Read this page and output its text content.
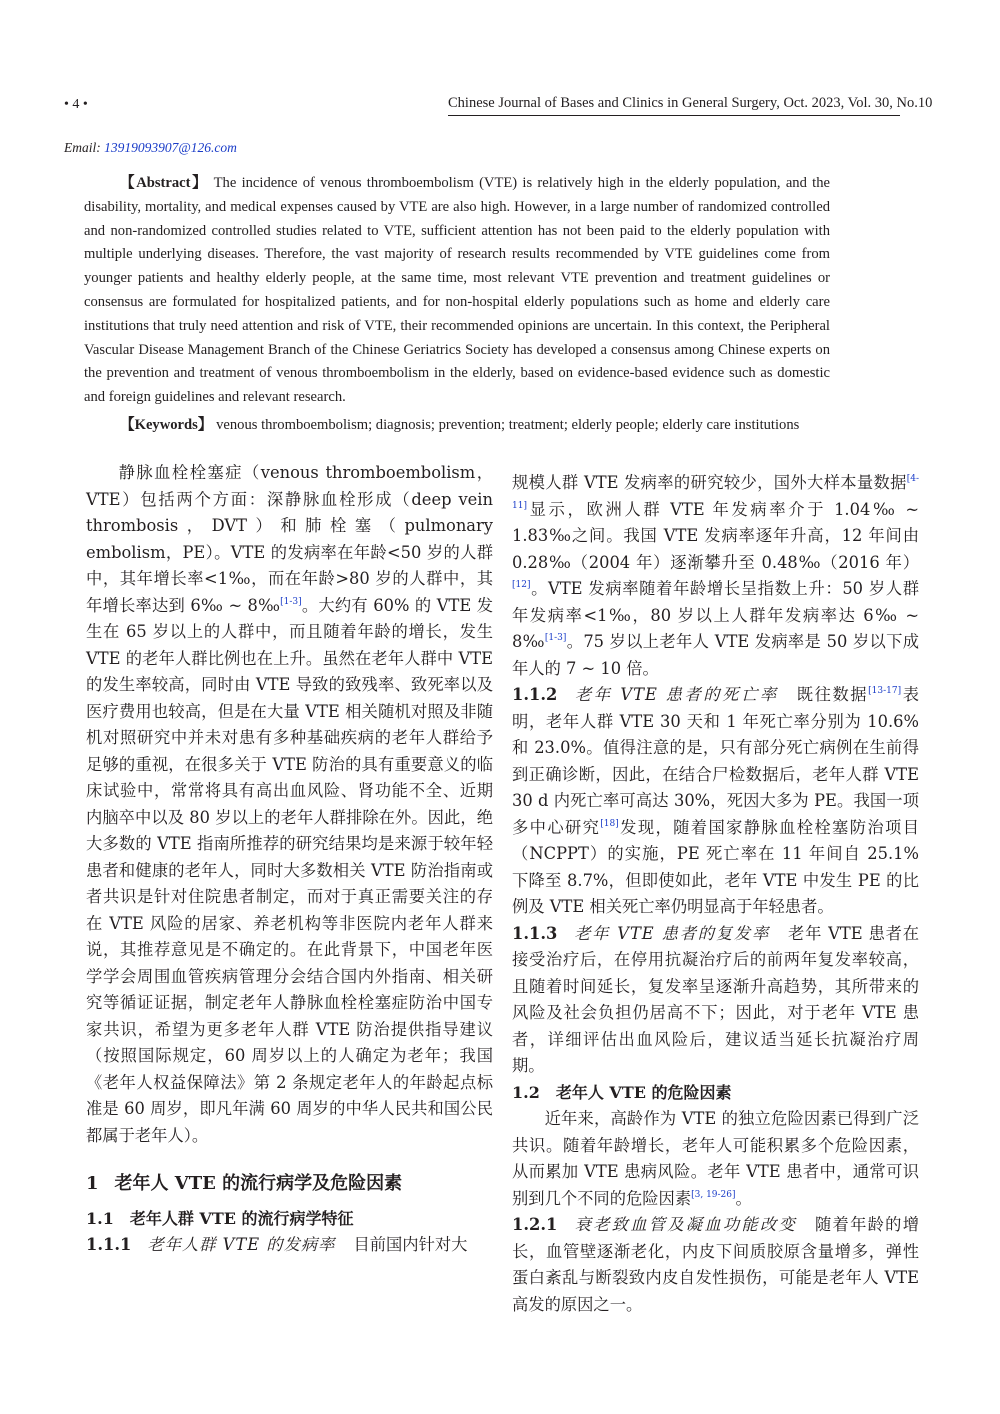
• 4 •	Chinese Journal of Bases and Clinics in General Surgery, Oct. 2023, Vol. 30, No.10
Email: 13919093907@126.com

【Abstract】 The incidence of venous thromboembolism (VTE) is relatively high in the elderly population, and the disability, mortality, and medical expenses caused by VTE are also high. However, in a large number of randomized controlled and non-randomized controlled studies related to VTE, sufficient attention has not been paid to the elderly population with multiple underlying diseases. Therefore, the vast majority of research results recommended by VTE guidelines come from younger patients and healthy elderly people, at the same time, most relevant VTE prevention and treatment guidelines or consensus are formulated for hospitalized patients, and for non-hospital elderly populations such as home and elderly care institutions that truly need attention and risk of VTE, their recommended opinions are uncertain. In this context, the Peripheral Vascular Disease Management Branch of the Chinese Geriatrics Society has developed a consensus among Chinese experts on the prevention and treatment of venous thromboembolism in the elderly, based on evidence-based evidence such as domestic and foreign guidelines and relevant research.

【Keywords】 venous thromboembolism; diagnosis; prevention; treatment; elderly people; elderly care institutions

静脉血栓栓塞症（venous thromboembolism，VTE）包括两个方面：深静脉血栓形成（deep vein thrombosis，DVT）和肺栓塞（pulmonary embolism，PE）。VTE 的发病率在年龄<50 岁的人群中，其年增长率<1‰，而在年龄>80 岁的人群中，其年增长率达到 6‰ ~ 8‰[1-3]。大约有 60% 的 VTE 发生在 65 岁以上的人群中，而且随着年龄的增长，发生 VTE 的老年人群比例也在上升。虽然在老年人群中 VTE 的发生率较高，同时由 VTE 导致的致残率、致死率以及医疗费用也较高，但是在大量 VTE 相关随机对照及非随机对照研究中并未对患有多种基础疾病的老年人群给予足够的重视，在很多关于 VTE 防治的具有重要意义的临床试验中，常常将具有高出血风险、肾功能不全、近期内脑卒中以及 80 岁以上的老年人群排除在外。因此，绝大多数的 VTE 指南所推荐的研究结果均是来源于较年轻患者和健康的老年人，同时大多数相关 VTE 防治指南或者共识是针对住院患者制定，而对于真正需要关注的存在 VTE 风险的居家、养老机构等非医院内老年人群来说，其推荐意见是不确定的。在此背景下，中国老年医学学会周围血管疾病管理分会结合国内外指南、相关研究等循证证据，制定老年人静脉血栓栓塞症防治中国专家共识，希望为更多老年人群 VTE 防治提供指导建议（按照国际规定，60 周岁以上的人确定为老年；我国《老年人权益保障法》第 2 条规定老年人的年龄起点标准是 60 周岁，即凡年满 60 周岁的中华人民共和国公民都属于老年人）。

1 老年人 VTE 的流行病学及危险因素

1.1 老年人群 VTE 的流行病学特征

1.1.1 老年人群 VTE 的发病率 目前国内针对大

规模人群 VTE 发病率的研究较少，国外大样本量数据[4-11]显示，欧洲人群 VTE 年发病率介于 1.04‰ ~ 1.83‰之间。我国 VTE 发病率逐年升高，12 年间由 0.28‰（2004 年）逐渐攀升至 0.48‰（2016 年）[12]。VTE 发病率随着年龄增长呈指数上升：50 岁人群年发病率<1‰，80 岁以上人群年发病率达 6‰ ~ 8‰[1-3]。75 岁以上老年人 VTE 发病率是 50 岁以下成年人的 7 ~ 10 倍。

1.1.2 老年 VTE 患者的死亡率 既往数据[13-17]表明，老年人群 VTE 30 天和 1 年死亡率分别为 10.6% 和 23.0%。值得注意的是，只有部分死亡病例在生前得到正确诊断，因此，在结合尸检数据后，老年人群 VTE 30 d 内死亡率可高达 30%，死因大多为 PE。我国一项多中心研究[18]发现，随着国家静脉血栓栓塞防治项目（NCPPT）的实施，PE 死亡率在 11 年间自 25.1% 下降至 8.7%，但即使如此，老年 VTE 中发生 PE 的比例及 VTE 相关死亡率仍明显高于年轻患者。

1.1.3 老年 VTE 患者的复发率 老年 VTE 患者在接受治疗后，在停用抗凝治疗后的前两年复发率较高，且随着时间延长，复发率呈逐渐升高趋势，其所带来的风险及社会负担仍居高不下；因此，对于老年 VTE 患者，详细评估出血风险后，建议适当延长抗凝治疗周期。

1.2 老年人 VTE 的危险因素

近年来，高龄作为 VTE 的独立危险因素已得到广泛共识。随着年龄增长，老年人可能积累多个危险因素，从而累加 VTE 患病风险。老年 VTE 患者中，通常可识别到几个不同的危险因素[3, 19-26]。

1.2.1 衰老致血管及凝血功能改变 随着年龄的增长，血管壁逐渐老化，内皮下间质胶原含量增多，弹性蛋白紊乱与断裂致内皮自发性损伤，可能是老年人 VTE 高发的原因之一。
